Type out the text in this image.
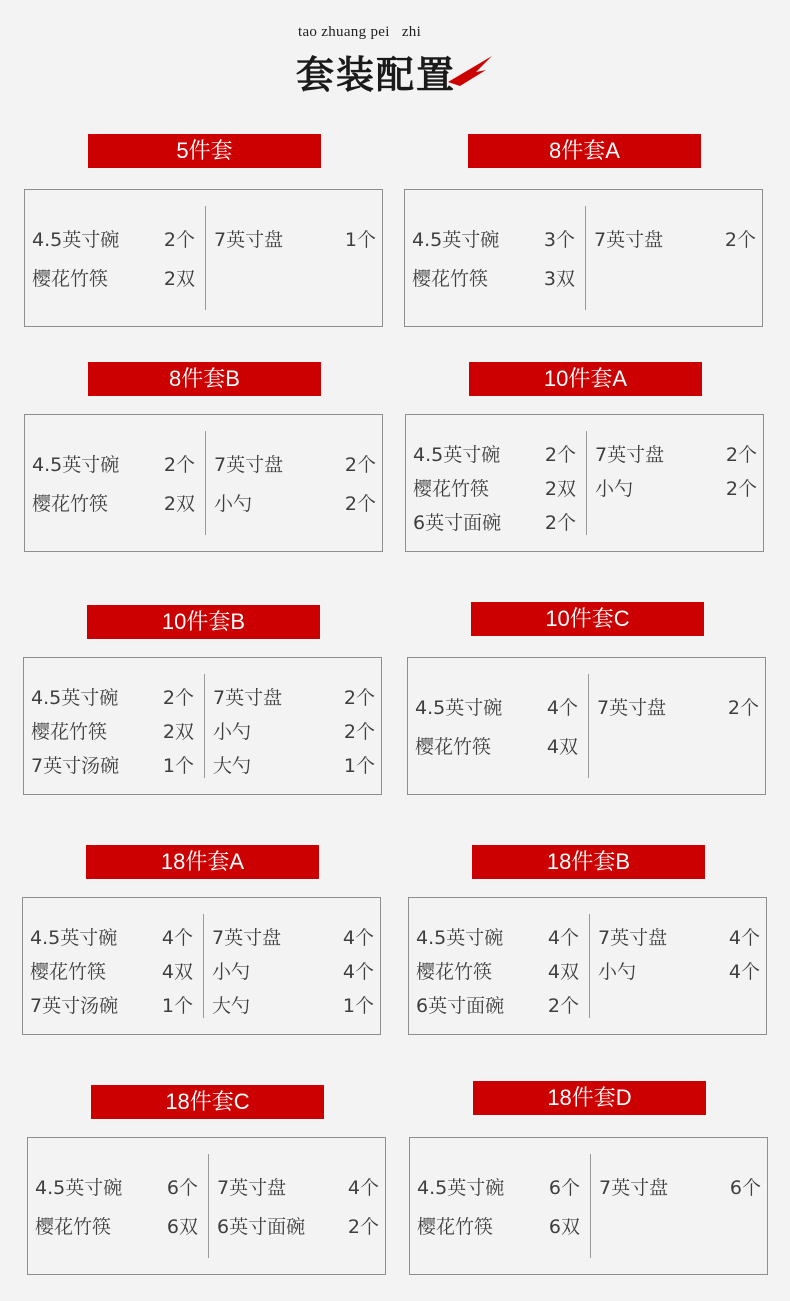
tao zhuang pei   zhi
套装配置
5件套
4.5英寸碗 2个
樱花竹筷	2双
7英寸盘	1个
8件套A
4.5英寸碗 3个
樱花竹筷	3双
7英寸盘	2个
8件套B
4.5英寸碗 2个
樱花竹筷	2双
7英寸盘	2个
小勺	2个
10件套A
4.5英寸碗 2个
樱花竹筷	2双
6英寸面碗 2个
7英寸盘	2个
小勺	2个
10件套B
4.5英寸碗 2个
樱花竹筷	2双
7英寸汤碗 1个
7英寸盘	2个
小勺	2个
大勺	1个
10件套C
4.5英寸碗 4个
樱花竹筷	4双
7英寸盘	2个
18件套A
4.5英寸碗 4个
樱花竹筷	4双
7英寸汤碗 1个
7英寸盘	4个
小勺	4个
大勺	1个
18件套B
4.5英寸碗 4个
樱花竹筷	4双
6英寸面碗 2个
7英寸盘	4个
小勺	4个
18件套C
4.5英寸碗 6个
樱花竹筷	6双
7英寸盘	4个
6英寸面碗 2个
18件套D
4.5英寸碗 6个
樱花竹筷	6双
7英寸盘	6个
